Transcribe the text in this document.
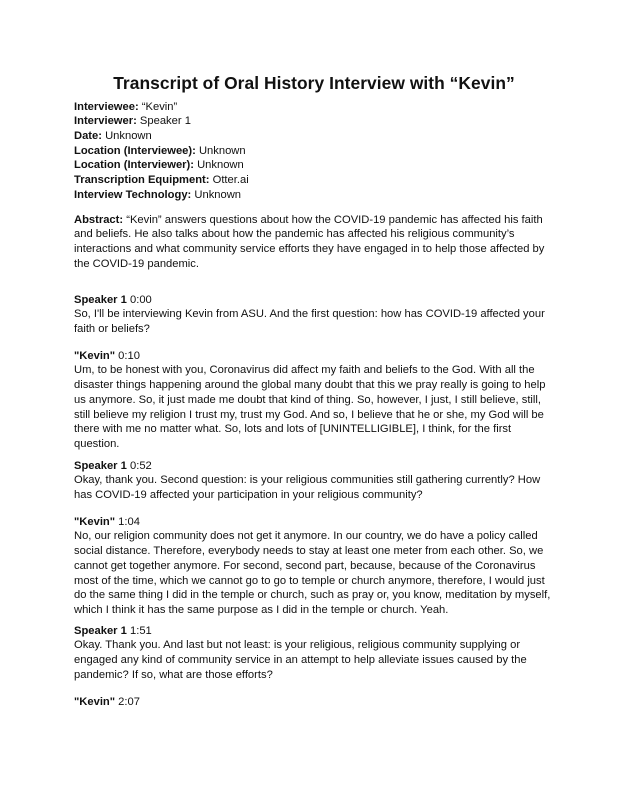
Transcript of Oral History Interview with “Kevin”
Interviewee: “Kevin”
Interviewer: Speaker 1
Date: Unknown
Location (Interviewee): Unknown
Location (Interviewer): Unknown
Transcription Equipment: Otter.ai
Interview Technology: Unknown

Abstract: “Kevin” answers questions about how the COVID-19 pandemic has affected his faith and beliefs. He also talks about how the pandemic has affected his religious community’s interactions and what community service efforts they have engaged in to help those affected by the COVID-19 pandemic.

Speaker 1 0:00

So, I'll be interviewing Kevin from ASU. And the first question: how has COVID-19 affected your faith or beliefs?

"Kevin" 0:10

Um, to be honest with you, Coronavirus did affect my faith and beliefs to the God. With all the disaster things happening around the global many doubt that this we pray really is going to help us anymore. So, it just made me doubt that kind of thing. So, however, I just, I still believe, still, still believe my religion I trust my, trust my God. And so, I believe that he or she, my God will be there with me no matter what. So, lots and lots of [UNINTELLIGIBLE], I think, for the first question.

Speaker 1 0:52

Okay, thank you. Second question: is your religious communities still gathering currently? How has COVID-19 affected your participation in your religious community?

"Kevin" 1:04

No, our religion community does not get it anymore. In our country, we do have a policy called social distance. Therefore, everybody needs to stay at least one meter from each other. So, we cannot get together anymore. For second, second part, because, because of the Coronavirus most of the time, which we cannot go to go to temple or church anymore, therefore, I would just do the same thing I did in the temple or church, such as pray or, you know, meditation by myself, which I think it has the same purpose as I did in the temple or church. Yeah.

Speaker 1 1:51

Okay. Thank you. And last but not least: is your religious, religious community supplying or engaged any kind of community service in an attempt to help alleviate issues caused by the pandemic? If so, what are those efforts?

"Kevin" 2:07
